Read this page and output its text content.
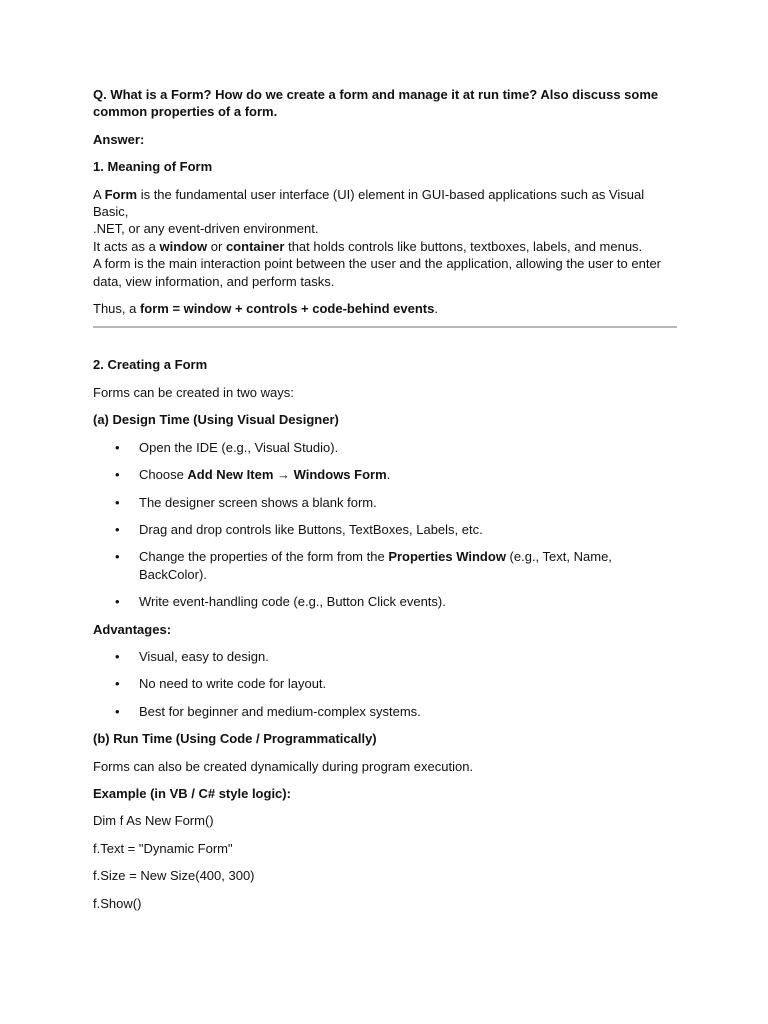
Q. What is a Form? How do we create a form and manage it at run time? Also discuss some
common properties of a form.
Answer:
1. Meaning of Form
A Form is the fundamental user interface (UI) element in GUI-based applications such as Visual Basic,
.NET, or any event-driven environment.
It acts as a window or container that holds controls like buttons, textboxes, labels, and menus.
A form is the main interaction point between the user and the application, allowing the user to enter
data, view information, and perform tasks.
Thus, a form = window + controls + code-behind events.
2. Creating a Form
Forms can be created in two ways:
(a) Design Time (Using Visual Designer)
• Open the IDE (e.g., Visual Studio).
• Choose Add New Item → Windows Form.
• The designer screen shows a blank form.
• Drag and drop controls like Buttons, TextBoxes, Labels, etc.
• Change the properties of the form from the Properties Window (e.g., Text, Name,
BackColor).
• Write event-handling code (e.g., Button Click events).
Advantages:
• Visual, easy to design.
• No need to write code for layout.
• Best for beginner and medium-complex systems.
(b) Run Time (Using Code / Programmatically)
Forms can also be created dynamically during program execution.
Example (in VB / C# style logic):
Dim f As New Form()
f.Text = "Dynamic Form"
f.Size = New Size(400, 300)
f.Show()
